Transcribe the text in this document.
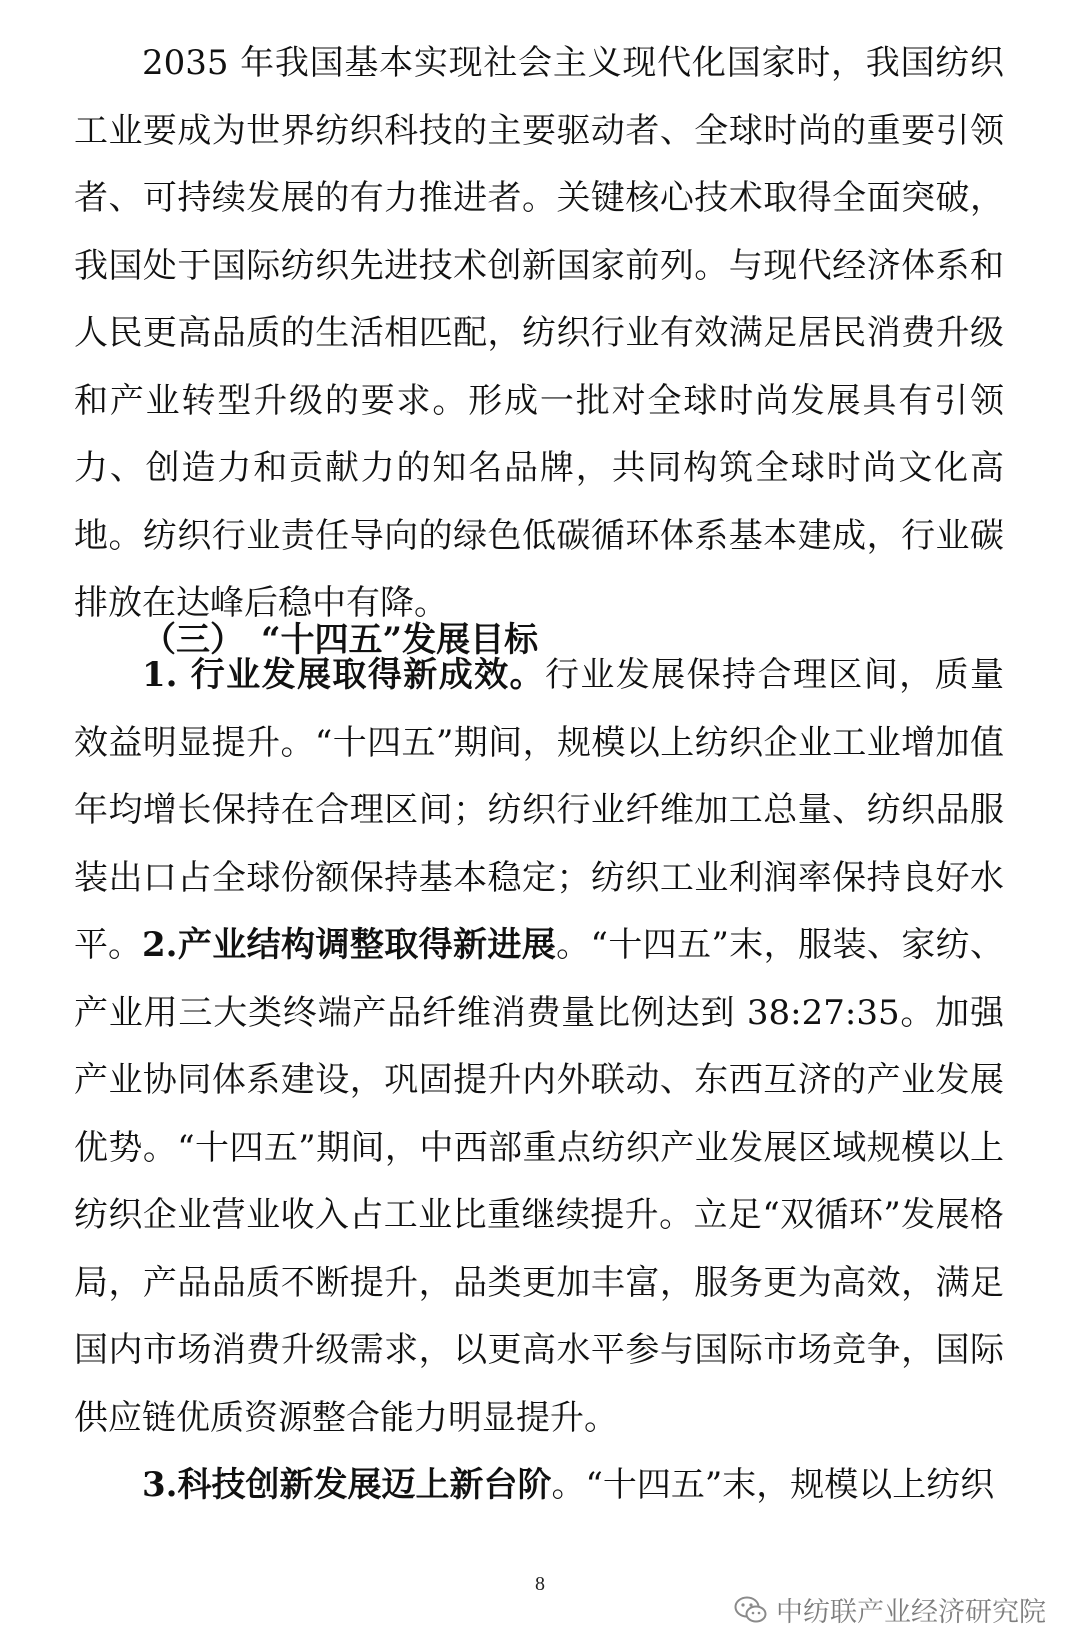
2035 年我国基本实现社会主义现代化国家时，我国纺织工业要成为世界纺织科技的主要驱动者、全球时尚的重要引领者、可持续发展的有力推进者。关键核心技术取得全面突破，我国处于国际纺织先进技术创新国家前列。与现代经济体系和人民更高品质的生活相匹配，纺织行业有效满足居民消费升级和产业转型升级的要求。形成一批对全球时尚发展具有引领力、创造力和贡献力的知名品牌，共同构筑全球时尚文化高地。纺织行业责任导向的绿色低碳循环体系基本建成，行业碳排放在达峰后稳中有降。

（三）　“十四五”发展目标

1. 行业发展取得新成效。行业发展保持合理区间，质量效益明显提升。“十四五”期间，规模以上纺织企业工业增加值年均增长保持在合理区间；纺织行业纤维加工总量、纺织品服装出口占全球份额保持基本稳定；纺织工业利润率保持良好水平。 2.产业结构调整取得新进展。“十四五”末，服装、家纺、产业用三大类终端产品纤维消费量比例达到 38:27:35。加强产业协同体系建设，巩固提升内外联动、东西互济的产业发展优势。“十四五”期间，中西部重点纺织产业发展区域规模以上纺织企业营业收入占工业比重继续提升。立足“双循环”发展格局，产品品质不断提升，品类更加丰富，服务更为高效，满足国内市场消费升级需求，以更高水平参与国际市场竞争，国际供应链优质资源整合能力明显提升。

3.科技创新发展迈上新台阶。“十四五”末，规模以上纺织

8
中纺联产业经济研究院
